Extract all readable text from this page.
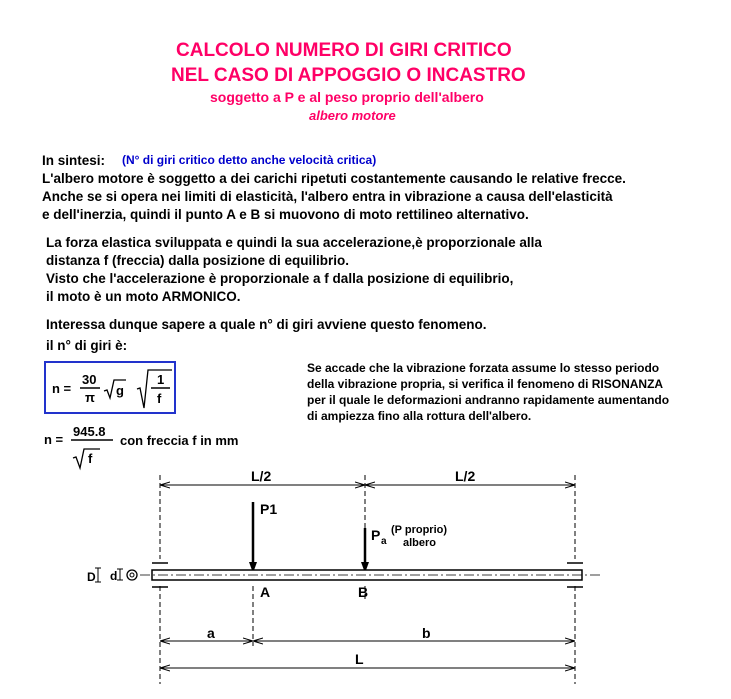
CALCOLO NUMERO DI GIRI CRITICO
NEL CASO DI APPOGGIO O INCASTRO
soggetto a P e al peso proprio dell'albero
albero motore
In sintesi: (N° di giri critico detto anche velocità critica)
L'albero motore è soggetto a dei carichi ripetuti costantemente causando le relative frecce.
Anche se si opera nei limiti di elasticità, l'albero entra in vibrazione a causa dell'elasticità
e dell'inerzia, quindi il punto A e B si muovono di moto rettilineo alternativo.
La forza elastica sviluppata e quindi la sua accelerazione,è proporzionale alla
distanza f (freccia) dalla posizione di equilibrio.
Visto che l'accelerazione è proporzionale a f dalla posizione di equilibrio,
il moto è un moto ARMONICO.
Interessa dunque sapere a quale n° di giri avviene questo fenomeno.
il n° di giri è:
n =
30
π g
1
f
n =
945.8
f
con freccia f in mm
Se accade che la vibrazione forzata assume lo stesso periodo
della vibrazione propria, si verifica il fenomeno di RISONANZA
per il quale le deformazioni andranno rapidamente aumentando
di ampiezza fino alla rottura dell'albero.
L/2	L/2
P1
P a
(P proprio)
albero
D d
A	B
a	b
L
